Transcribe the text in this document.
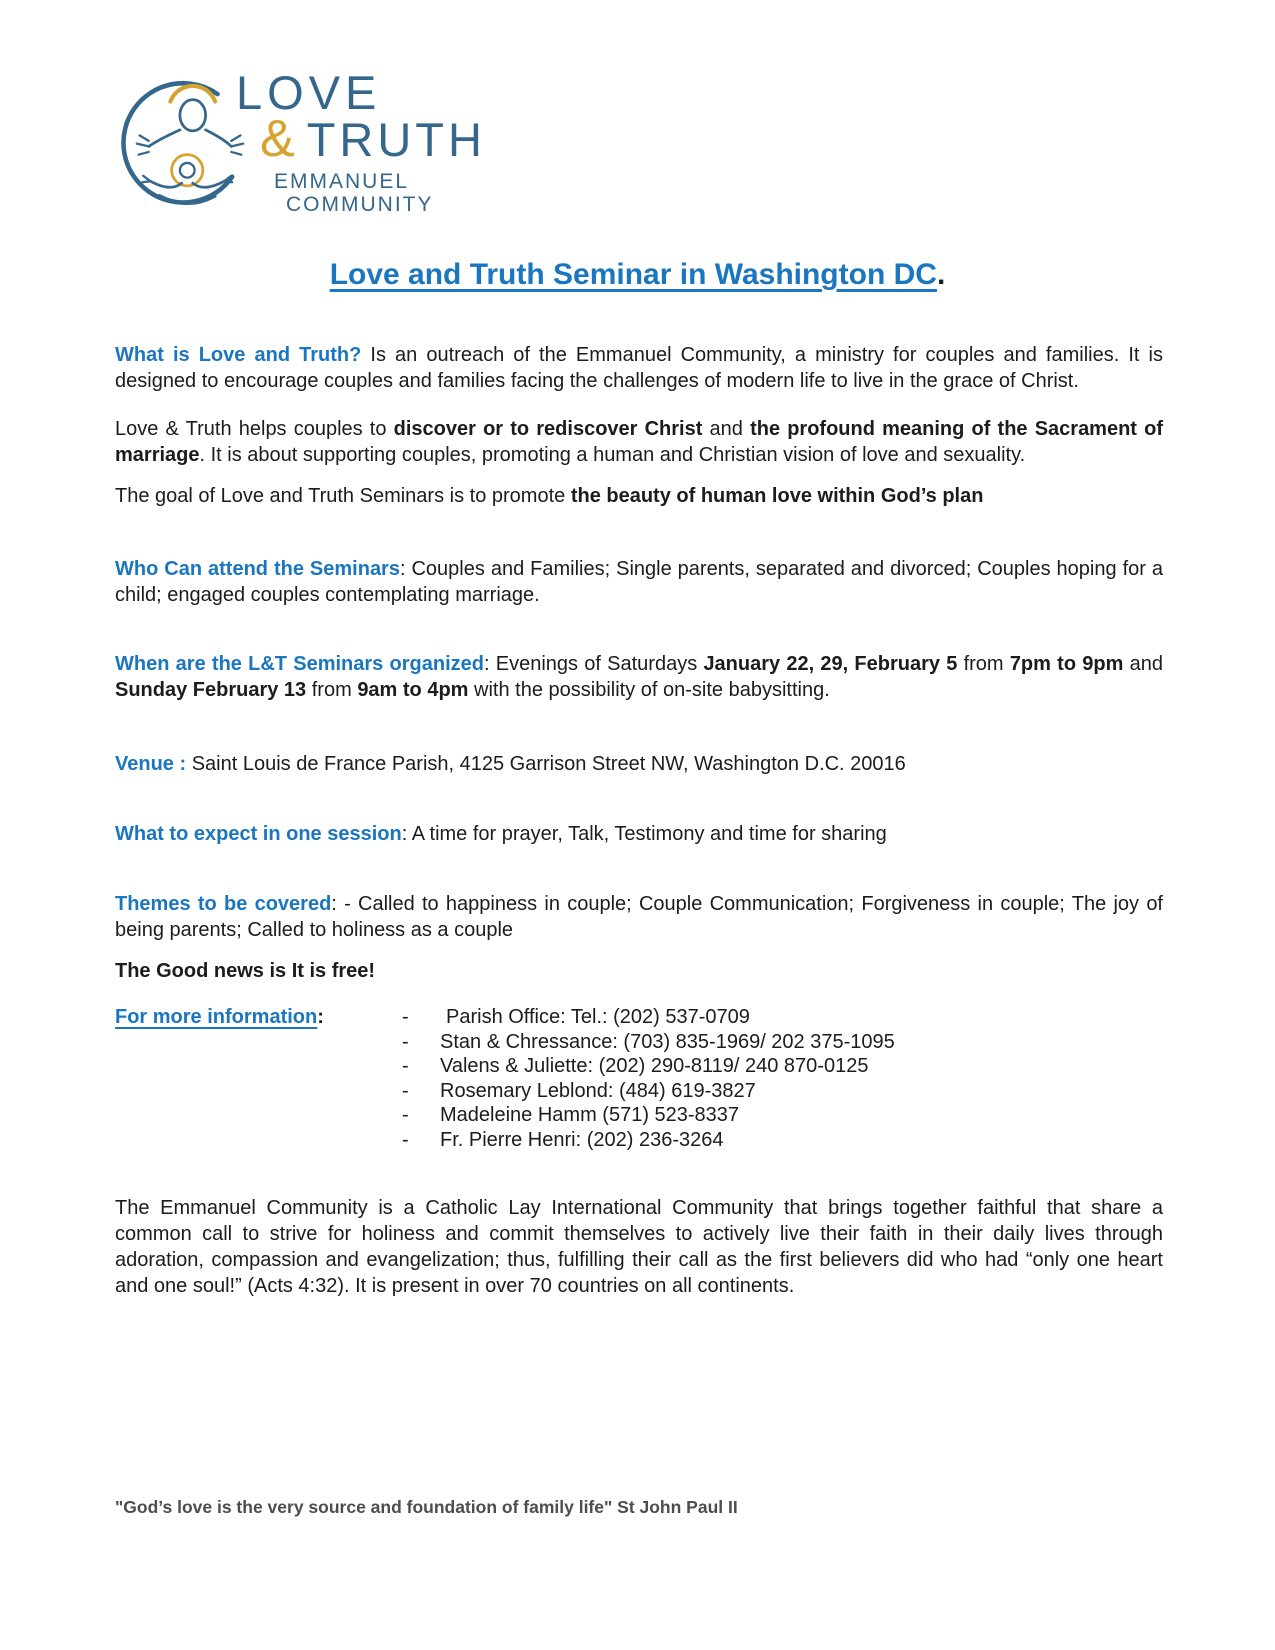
LOVE
& TRUTH
EMMANUEL
COMMUNITY
Love and Truth Seminar in Washington DC.

What is Love and Truth? Is an outreach of the Emmanuel Community, a ministry for couples and families. It is designed to encourage couples and families facing the challenges of modern life to live in the grace of Christ.

Love & Truth helps couples to discover or to rediscover Christ and the profound meaning of the Sacrament of marriage. It is about supporting couples, promoting a human and Christian vision of love and sexuality.

The goal of Love and Truth Seminars is to promote the beauty of human love within God’s plan

Who Can attend the Seminars: Couples and Families; Single parents, separated and divorced; Couples hoping for a child; engaged couples contemplating marriage.

When are the L&T Seminars organized: Evenings of Saturdays January 22, 29, February 5 from 7pm to 9pm and Sunday February 13 from 9am to 4pm with the possibility of on-site babysitting.

Venue : Saint Louis de France Parish, 4125 Garrison Street NW, Washington D.C. 20016

What to expect in one session: A time for prayer, Talk, Testimony and time for sharing

Themes to be covered: - Called to happiness in couple; Couple Communication; Forgiveness in couple; The joy of being parents; Called to holiness as a couple

The Good news is It is free!

For more information:	-	Parish Office: Tel.: (202) 537-0709
-	Stan & Chressance: (703) 835-1969/ 202 375-1095
-	Valens & Juliette: (202) 290-8119/ 240 870-0125
-	Rosemary Leblond: (484) 619-3827
-	Madeleine Hamm (571) 523-8337
-	Fr. Pierre Henri: (202) 236-3264

The Emmanuel Community is a Catholic Lay International Community that brings together faithful that share a common call to strive for holiness and commit themselves to actively live their faith in their daily lives through adoration, compassion and evangelization; thus, fulfilling their call as the first believers did who had “only one heart and one soul!” (Acts 4:32). It is present in over 70 countries on all continents.

"God’s love is the very source and foundation of family life" St John Paul II
